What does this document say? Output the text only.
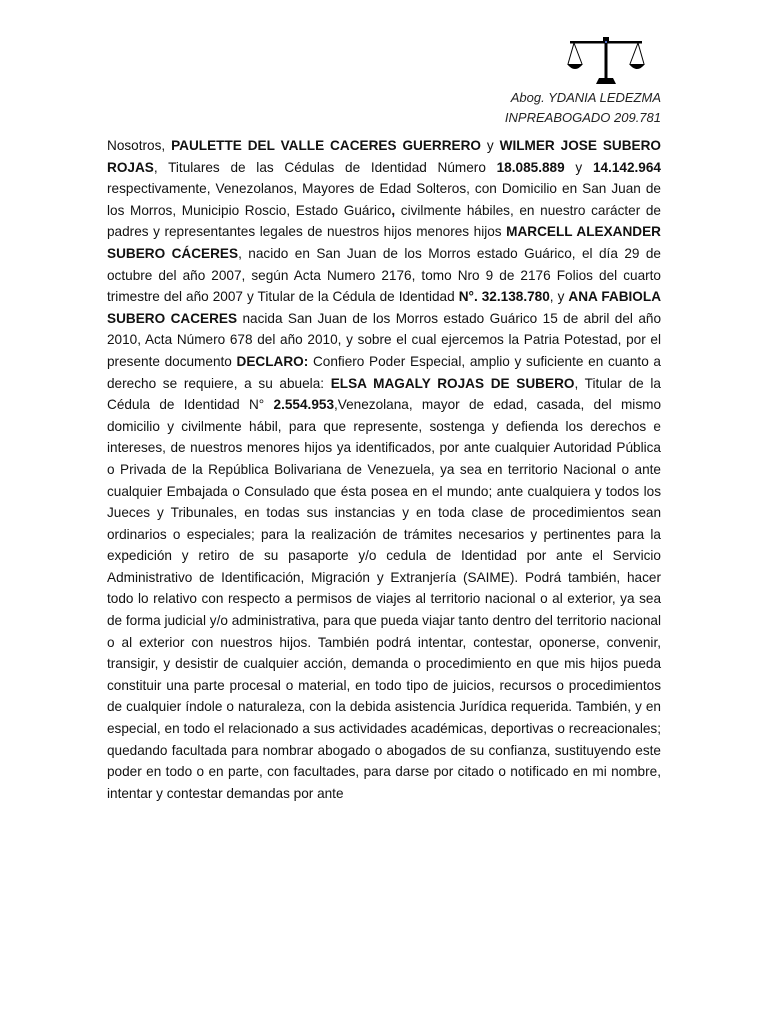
Abog. YDANIA LEDEZMA
INPREABOGADO 209.781
Nosotros, PAULETTE DEL VALLE CACERES GUERRERO y WILMER JOSE SUBERO ROJAS, Titulares de las Cédulas de Identidad Número 18.085.889 y 14.142.964 respectivamente, Venezolanos, Mayores de Edad Solteros, con Domicilio en San Juan de los Morros, Municipio Roscio, Estado Guárico, civilmente hábiles, en nuestro carácter de padres y representantes legales de nuestros hijos menores hijos MARCELL ALEXANDER SUBERO CÁCERES, nacido en San Juan de los Morros estado Guárico, el día 29 de octubre del año 2007, según Acta Numero 2176, tomo Nro 9 de 2176 Folios del cuarto trimestre del año 2007 y Titular de la Cédula de Identidad N°. 32.138.780, y ANA FABIOLA SUBERO CACERES nacida San Juan de los Morros estado Guárico 15 de abril del año 2010, Acta Número 678 del año 2010, y sobre el cual ejercemos la Patria Potestad, por el presente documento DECLARO: Confiero Poder Especial, amplio y suficiente en cuanto a derecho se requiere, a su abuela: ELSA MAGALY ROJAS DE SUBERO, Titular de la Cédula de Identidad N° 2.554.953,Venezolana, mayor de edad, casada, del mismo domicilio y civilmente hábil, para que represente, sostenga y defienda los derechos e intereses, de nuestros menores hijos ya identificados, por ante cualquier Autoridad Pública o Privada de la República Bolivariana de Venezuela, ya sea en territorio Nacional o ante cualquier Embajada o Consulado que ésta posea en el mundo; ante cualquiera y todos los Jueces y Tribunales, en todas sus instancias y en toda clase de procedimientos sean ordinarios o especiales; para la realización de trámites necesarios y pertinentes para la expedición y retiro de su pasaporte y/o cedula de Identidad por ante el Servicio Administrativo de Identificación, Migración y Extranjería (SAIME). Podrá también, hacer todo lo relativo con respecto a permisos de viajes al territorio nacional o al exterior, ya sea de forma judicial y/o administrativa, para que pueda viajar tanto dentro del territorio nacional o al exterior con nuestros hijos. También podrá intentar, contestar, oponerse, convenir, transigir, y desistir de cualquier acción, demanda o procedimiento en que mis hijos pueda constituir una parte procesal o material, en todo tipo de juicios, recursos o procedimientos de cualquier índole o naturaleza, con la debida asistencia Jurídica requerida. También, y en especial, en todo el relacionado a sus actividades académicas, deportivas o recreacionales; quedando facultada para nombrar abogado o abogados de su confianza, sustituyendo este poder en todo o en parte, con facultades, para darse por citado o notificado en mi nombre, intentar y contestar demandas por ante
